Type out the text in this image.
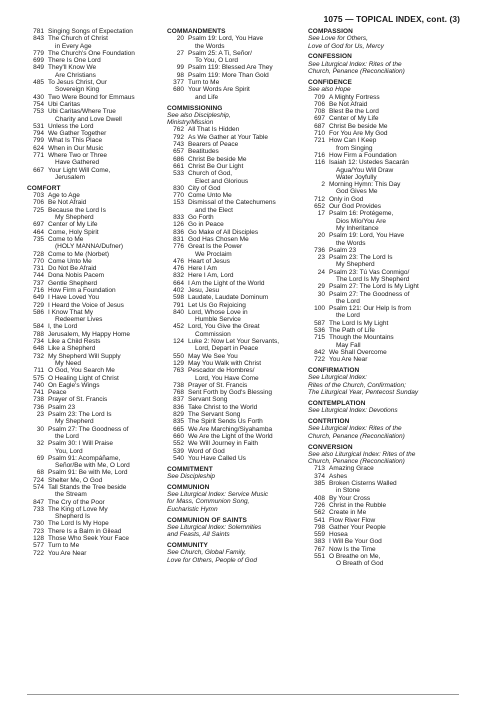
1075 — TOPICAL INDEX, cont. (3)
781 Singing Songs of Expectation
843 The Church of Christ
in Every Age
779 The Church's One Foundation
699 There Is One Lord
849 They'll Know We
Are Christians
485 To Jesus Christ, Our
Sovereign King
430 Two Were Bound for Emmaus
754 Ubi Caritas
753 Ubi Caritas/Where True
Charity and Love Dwell
531 Unless the Lord
794 We Gather Together
799 What Is This Place
624 When in Our Music
771 Where Two or Three
Have Gathered
667 Your Light Will Come,
Jerusalem
COMFORT
703 Age to Age
706 Be Not Afraid
725 Because the Lord Is
My Shepherd
697 Center of My Life
464 Come, Holy Spirit
735 Come to Me
(HOLY MANNA/Dufner)
728 Come to Me (Norbet)
770 Come Unto Me
731 Do Not Be Afraid
744 Dona Nobis Pacem
737 Gentle Shepherd
716 How Firm a Foundation
649 I Have Loved You
729 I Heard the Voice of Jesus
586 I Know That My
Redeemer Lives
584 I, the Lord
788 Jerusalem, My Happy Home
734 Like a Child Rests
648 Like a Shepherd
732 My Shepherd Will Supply
My Need
711 O God, You Search Me
575 O Healing Light of Christ
740 On Eagle's Wings
741 Peace
738 Prayer of St. Francis
736 Psalm 23
23 Psalm 23: The Lord Is
My Shepherd
30 Psalm 27: The Goodness of
the Lord
32 Psalm 30: I Will Praise
You, Lord
69 Psalm 91: Acompáñame,
Señor/Be with Me, O Lord
68 Psalm 91: Be with Me, Lord
724 Shelter Me, O God
574 Tall Stands the Tree beside
the Stream
847 The Cry of the Poor
733 The King of Love My
Shepherd Is
730 The Lord Is My Hope
723 There Is a Balm in Gilead
128 Those Who Seek Your Face
577 Turn to Me
722 You Are Near
COMMANDMENTS
20 Psalm 19: Lord, You Have
the Words
27 Psalm 25: A Ti, Señor/
To You, O Lord
99 Psalm 119: Blessed Are They
98 Psalm 119: More Than Gold
377 Turn to Me
680 Your Words Are Spirit
and Life
COMMISSIONING
See also Discipleship,
Ministry/Mission
762 All That Is Hidden
792 As We Gather at Your Table
743 Bearers of Peace
657 Beatitudes
686 Christ Be beside Me
661 Christ Be Our Light
533 Church of God,
Elect and Glorious
830 City of God
770 Come Unto Me
153 Dismissal of the Catechumens
and the Elect
833 Go Forth
126 Go in Peace
836 Go Make of All Disciples
831 God Has Chosen Me
776 Great Is the Power
We Proclaim
476 Heart of Jesus
476 Here I Am
832 Here I Am, Lord
664 I Am the Light of the World
402 Jesu, Jesu
598 Laudate, Laudate Dominum
791 Let Us Go Rejoicing
840 Lord, Whose Love in
Humble Service
452 Lord, You Give the Great
Commission
124 Luke 2: Now Let Your Servants,
Lord, Depart in Peace
550 May We See You
129 May You Walk with Christ
763 Pescador de Hombres/
Lord, You Have Come
738 Prayer of St. Francis
768 Sent Forth by God's Blessing
837 Servant Song
836 Take Christ to the World
829 The Servant Song
835 The Spirit Sends Us Forth
665 We Are Marching/Siyahamba
660 We Are the Light of the World
552 We Will Journey in Faith
539 Word of God
540 You Have Called Us
COMMITMENT
See Discipleship
COMMUNION
See Liturgical Index: Service Music
for Mass, Communion Song,
Eucharistic Hymn
COMMUNION OF SAINTS
See Liturgical Index: Solemnities
and Feasts, All Saints
COMMUNITY
See Church, Global Family,
Love for Others, People of God
COMPASSION
See Love for Others,
Love of God for Us, Mercy
CONFESSION
See Liturgical Index: Rites of the
Church, Penance (Reconciliation)
CONFIDENCE
See also Hope
709 A Mighty Fortress
706 Be Not Afraid
708 Blest Be the Lord
697 Center of My Life
687 Christ Be beside Me
710 For You Are My God
721 How Can I Keep
from Singing
716 How Firm a Foundation
116 Isaiah 12: Ustedes Sacarán
Agua/You Will Draw
Water Joyfully
2 Morning Hymn: This Day
God Gives Me
712 Only in God
652 Our God Provides
17 Psalm 16: Protégeme,
Dios Mío/You Are
My Inheritance
20 Psalm 19: Lord, You Have
the Words
736 Psalm 23
23 Psalm 23: The Lord Is
My Shepherd
24 Psalm 23: Tú Vas Conmigo/
The Lord Is My Shepherd
29 Psalm 27: The Lord Is My Light
30 Psalm 27: The Goodness of
the Lord
100 Psalm 121: Our Help Is from
the Lord
587 The Lord Is My Light
536 The Path of Life
715 Though the Mountains
May Fall
842 We Shall Overcome
722 You Are Near
CONFIRMATION
See Liturgical Index:
Rites of the Church, Confirmation;
The Liturgical Year, Pentecost Sunday
CONTEMPLATION
See Liturgical Index: Devotions
CONTRITION
See Liturgical Index: Rites of the
Church, Penance (Reconciliation)
CONVERSION
See also Liturgical Index: Rites of the
Church, Penance (Reconciliation)
713 Amazing Grace
374 Ashes
385 Broken Cisterns Walled
in Stone
408 By Your Cross
726 Christ in the Rubble
562 Create in Me
541 Flow River Flow
798 Gather Your People
559 Hosea
383 I Will Be Your God
767 Now Is the Time
551 O Breathe on Me,
O Breath of God
